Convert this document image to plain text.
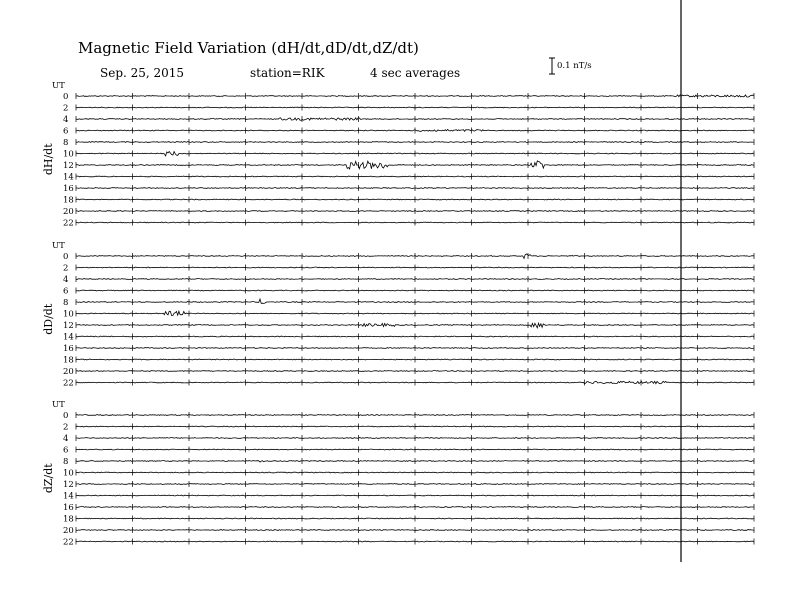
Magnetic Field Variation (dH/dt,dD/dt,dZ/dt)
Sep. 25, 2015	station=RIK	4 sec averages	0.1 nT/s
UT
dH/dt
0
2
4
6
8
10
12
14
16
18
20
22
UT
dD/dt
0
2
4
6
8
10
12
14
16
18
20
22
UT
dZ/dt
0
2
4
6
8
10
12
14
16
18
20
22
